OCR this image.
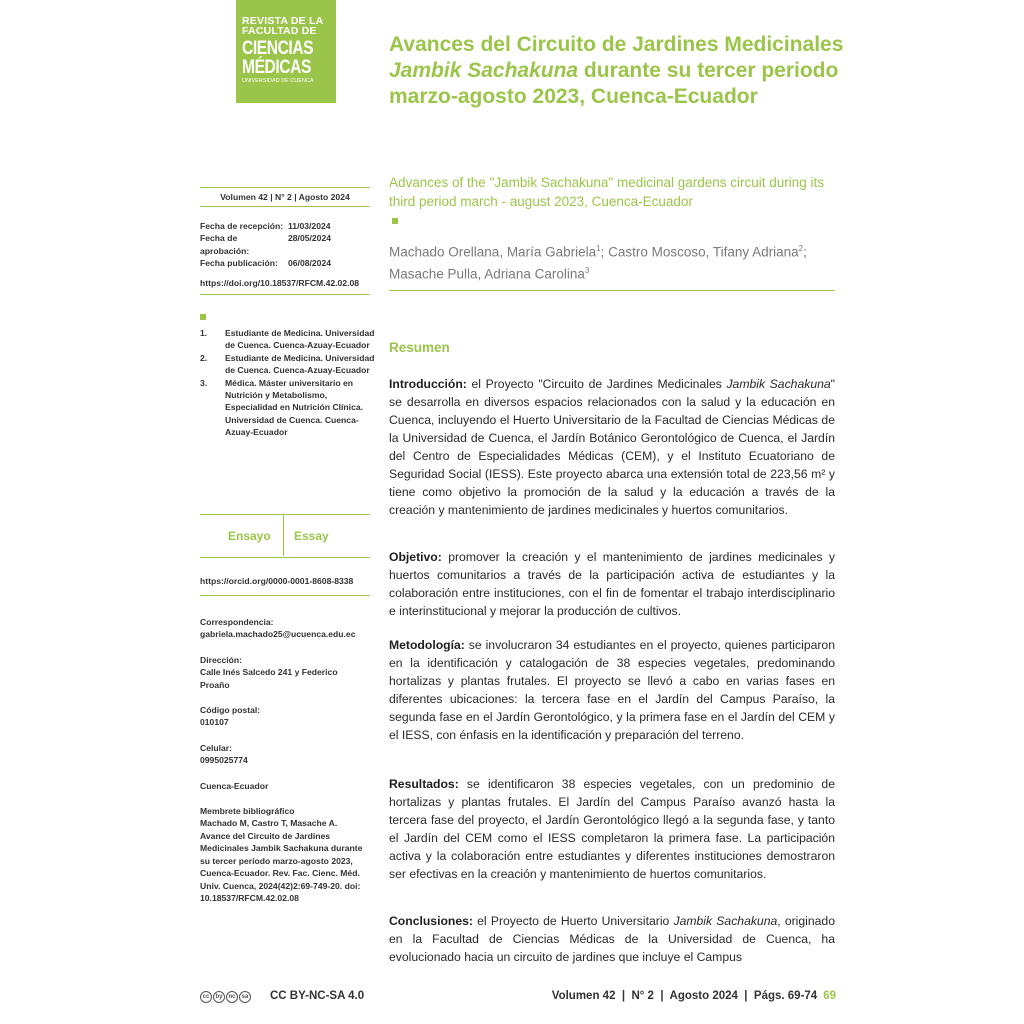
REVISTA DE LA
FACULTAD DE
CIENCIAS
MÉDICAS
UNIVERSIDAD DE CUENCA
Avances del Circuito de Jardines Medicinales Jambik Sachakuna durante su tercer periodo marzo-agosto 2023, Cuenca-Ecuador
Advances of the "Jambik Sachakuna" medicinal gardens circuit during its third period march - august 2023, Cuenca-Ecuador
Machado Orellana, María Gabriela$^1$; Castro Moscoso, Tifany Adriana$^2$; Masache Pulla, Adriana Carolina$^3$
Volumen 42 | N° 2 | Agosto 2024
Fecha de recepción: 11/03/2024
Fecha de aprobación:
28/05/2024
Fecha publicación:	06/08/2024
https://doi.org/10.18537/RFCM.42.02.08
1.	Estudiante de Medicina. Universidad de Cuenca. Cuenca-Azuay-Ecuador
2.	Estudiante de Medicina. Universidad de Cuenca. Cuenca-Azuay-Ecuador
3.	Médica. Máster universitario en Nutrición y Metabolismo, Especialidad en Nutrición Clínica. Universidad de Cuenca. Cuenca-Azuay-Ecuador
Ensayo Essay
https://orcid.org/0000-0001-8608-8338
Correspondencia:
gabriela.machado25@ucuenca.edu.ec
Dirección:
Calle Inés Salcedo 241 y Federico Proaño
Código postal:
010107
Celular:
0995025774
Cuenca-Ecuador
Membrete bibliográfico
Machado M, Castro T, Masache A. Avance del Circuito de Jardines Medicinales Jambik Sachakuna durante su tercer período marzo-agosto 2023, Cuenca-Ecuador. Rev. Fac. Cienc. Méd. Univ. Cuenca, 2024(42)2:69-749-20. doi: 10.18537/RFCM.42.02.08
Resumen
Introducción: el Proyecto "Circuito de Jardines Medicinales Jambik Sachakuna" se desarrolla en diversos espacios relacionados con la salud y la educación en Cuenca, incluyendo el Huerto Universitario de la Facultad de Ciencias Médicas de la Universidad de Cuenca, el Jardín Botánico Gerontológico de Cuenca, el Jardín del Centro de Especialidades Médicas (CEM), y el Instituto Ecuatoriano de Seguridad Social (IESS). Este proyecto abarca una extensión total de 223,56 m² y tiene como objetivo la promoción de la salud y la educación a través de la creación y mantenimiento de jardines medicinales y huertos comunitarios.
Objetivo: promover la creación y el mantenimiento de jardines medicinales y huertos comunitarios a través de la participación activa de estudiantes y la colaboración entre instituciones, con el fin de fomentar el trabajo interdisciplinario e interinstitucional y mejorar la producción de cultivos.
Metodología: se involucraron 34 estudiantes en el proyecto, quienes participaron en la identificación y catalogación de 38 especies vegetales, predominando hortalizas y plantas frutales. El proyecto se llevó a cabo en varias fases en diferentes ubicaciones: la tercera fase en el Jardín del Campus Paraíso, la segunda fase en el Jardín Gerontológico, y la primera fase en el Jardín del CEM y el IESS, con énfasis en la identificación y preparación del terreno.
Resultados: se identificaron 38 especies vegetales, con un predominio de hortalizas y plantas frutales. El Jardín del Campus Paraíso avanzó hasta la tercera fase del proyecto, el Jardín Gerontológico llegó a la segunda fase, y tanto el Jardín del CEM como el IESS completaron la primera fase. La participación activa y la colaboración entre estudiantes y diferentes instituciones demostraron ser efectivas en la creación y mantenimiento de huertos comunitarios.
Conclusiones: el Proyecto de Huerto Universitario Jambik Sachakuna, originado en la Facultad de Ciencias Médicas de la Universidad de Cuenca, ha evolucionado hacia un circuito de jardines que incluye el Campus
cc	by nc	sa CC BY-NC-SA 4.0	Volumen 42  |  N° 2  |  Agosto 2024  |  Págs. 69-74 69
